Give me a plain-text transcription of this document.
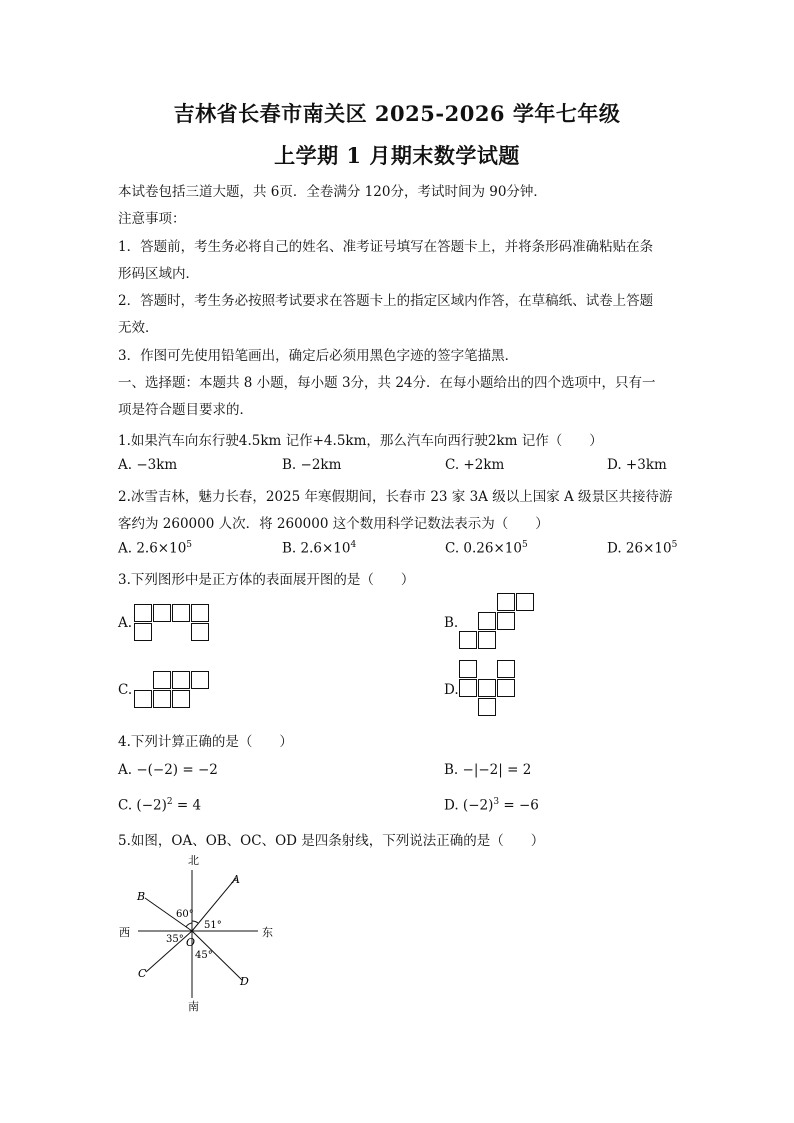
吉林省长春市南关区 2025-2026 学年七年级
上学期 1 月期末数学试题
本试卷包括三道大题，共 6页．全卷满分 120分，考试时间为 90分钟．
注意事项：
1．答题前，考生务必将自己的姓名、准考证号填写在答题卡上，并将条形码准确粘贴在条
形码区域内．
2．答题时，考生务必按照考试要求在答题卡上的指定区域内作答，在草稿纸、试卷上答题
无效．
3．作图可先使用铅笔画出，确定后必须用黑色字迹的签字笔描黑．
一、选择题：本题共 8 小题，每小题 3分，共 24分．在每小题给出的四个选项中，只有一
项是符合题目要求的．
1.如果汽车向东行驶4.5km 记作+4.5km，那么汽车向西行驶2km 记作（　　）
A. −3km	B. −2km	C. +2km	D. +3km
2.冰雪吉林，魅力长春，2025 年寒假期间，长春市 23 家 3A 级以上国家 A 级景区共接待游
客约为 260000 人次．将 260000 这个数用科学记数法表示为（　　）
A. $2.6\times 10^5$	B. $2.6\times 10^4$	C. $0.26\times 10^5$	D. $26\times 10^5$
3.下列图形中是正方体的表面展开图的是（　　）
A.	B.
C.	D.
4.下列计算正确的是（　　）
A. −(−2) = −2	B. −|−2| = 2
C. $(-2)^2 = 4$	D. $(-2)^3 = -6$
5.如图，OA、OB、OC、OD 是四条射线，下列说法正确的是（　　）
北
南
西	东
A
B
C
D
O
60°
51°
35°
45°
